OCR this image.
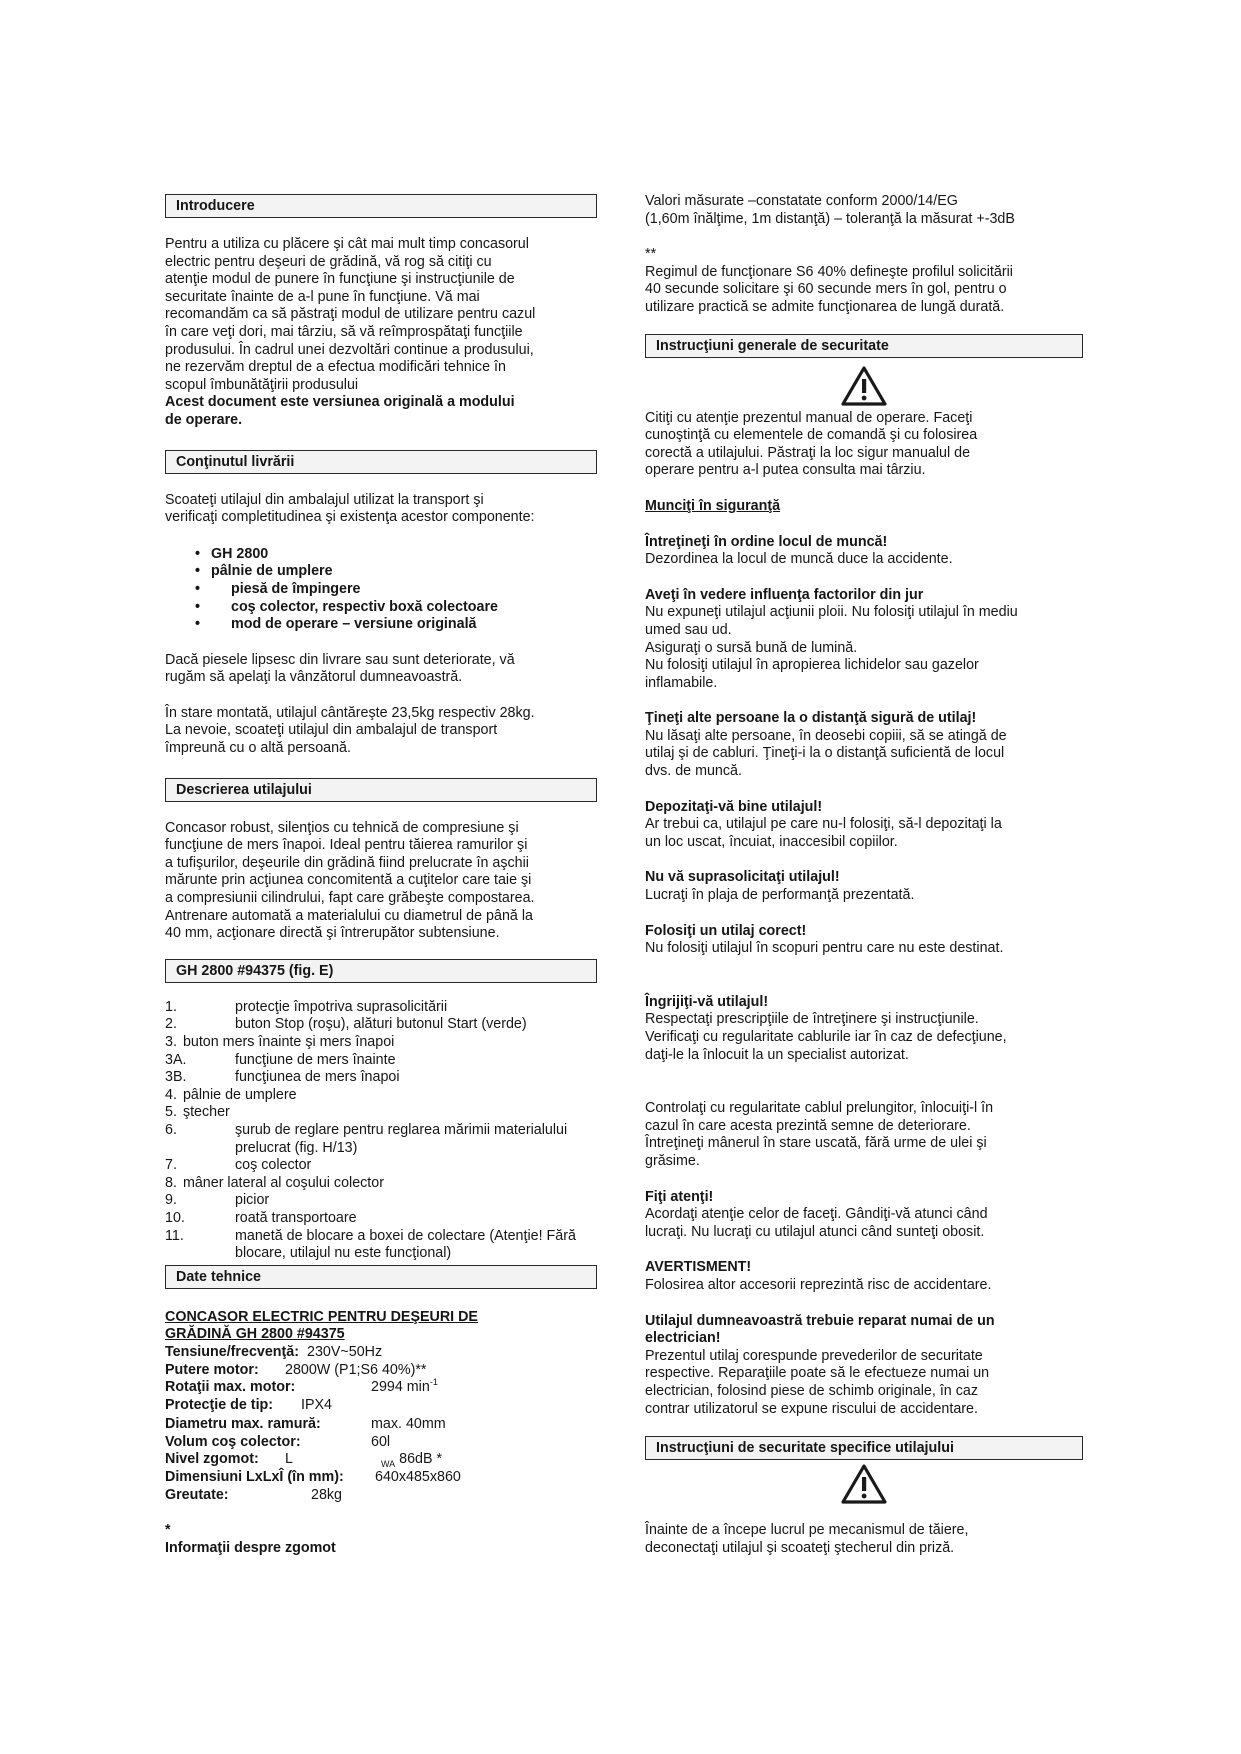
Introducere

Pentru a utiliza cu plăcere şi cât mai mult timp concasorul

electric pentru deşeuri de grădină, vă rog să citiţi cu

atenţie modul de punere în funcţiune şi instrucţiunile de

securitate înainte de a-l pune în funcţiune. Vă mai

recomandăm ca să păstraţi modul de utilizare pentru cazul

în care veţi dori, mai târziu, să vă reîmprospătaţi funcţiile

produsului. În cadrul unei dezvoltări continue a produsului,

ne rezervăm dreptul de a efectua modificări tehnice în

scopul îmbunătăţirii produsului

Acest document este versiunea originală a modului

de operare.

Conţinutul livrării

Scoateţi utilajul din ambalajul utilizat la transport şi

verificaţi completitudinea şi existenţa acestor componente:

• GH 2800
• pâlnie de umplere
• piesă de împingere
• coş colector, respectiv boxă colectoare
• mod de operare – versiune originală

Dacă piesele lipsesc din livrare sau sunt deteriorate, vă

rugăm să apelaţi la vânzătorul dumneavoastră.

În stare montată, utilajul cântăreşte 23,5kg respectiv 28kg.

La nevoie, scoateţi utilajul din ambalajul de transport

împreună cu o altă persoană.

Descrierea utilajului

Concasor robust, silenţios cu tehnică de compresiune şi

funcţiune de mers înapoi. Ideal pentru tăierea ramurilor şi

a tufişurilor, deşeurile din grădină fiind prelucrate în aşchii

mărunte prin acţiunea concomitentă a cuţitelor care taie şi

a compresiunii cilindrului, fapt care grăbeşte compostarea.

Antrenare automată a materialului cu diametrul de până la

40 mm, acţionare directă şi întrerupător subtensiune.

GH 2800 #94375 (fig. E)
1.	protecţie împotriva suprasolicitării
2.	buton Stop (roşu), alături butonul Start (verde)
3. buton mers înainte şi mers înapoi
3A.	funcţiune de mers înainte
3B.	funcţiunea de mers înapoi
4. pâlnie de umplere
5. ştecher
6.	şurub de reglare pentru reglarea mărimii materialului prelucrat (fig. H/13)
7.	coş colector
8. mâner lateral al coşului colector
9.	picior
10.	roată transportoare
11.	manetă de blocare a boxei de colectare (Atenţie! Fără blocare, utilajul nu este funcţional)
Date tehnice

CONCASOR ELECTRIC PENTRU DEŞEURI DE

GRĂDINĂ GH 2800 #94375

Tensiune/frecvenţă: 230V~50Hz
Putere motor:	2800W (P1;S6 40%)**
Rotaţii max. motor:	2994 $\min^{-1}$
Protecţie de tip:	IPX4
Diametru max. ramură:	max. 40mm
Volum coş colector:	60l
Nivel zgomot:	L	$_{WA}$ 86dB *
Dimensiuni LxLxÎ (în mm):	640x485x860
Greutate:	28kg

*

Informaţii despre zgomot

Valori măsurate –constatate conform 2000/14/EG

(1,60m înălţime, 1m distanţă) – toleranţă la măsurat +-3dB

**

Regimul de funcţionare S6 40% defineşte profilul solicitării

40 secunde solicitare şi 60 secunde mers în gol, pentru o

utilizare practică se admite funcţionarea de lungă durată.

Instrucţiuni generale de securitate

Citiţi cu atenţie prezentul manual de operare. Faceţi

cunoştinţă cu elementele de comandă şi cu folosirea

corectă a utilajului. Păstraţi la loc sigur manualul de

operare pentru a-l putea consulta mai târziu.

Munciţi în siguranţă

Întreţineţi în ordine locul de muncă!

Dezordinea la locul de muncă duce la accidente.

Aveţi în vedere influenţa factorilor din jur

Nu expuneţi utilajul acţiunii ploii. Nu folosiţi utilajul în mediu

umed sau ud.

Asiguraţi o sursă bună de lumină.

Nu folosiţi utilajul în apropierea lichidelor sau gazelor

inflamabile.

Ţineţi alte persoane la o distanţă sigură de utilaj!

Nu lăsaţi alte persoane, în deosebi copiii, să se atingă de

utilaj şi de cabluri. Ţineţi-i la o distanţă suficientă de locul

dvs. de muncă.

Depozitaţi-vă bine utilajul!

Ar trebui ca, utilajul pe care nu-l folosiţi, să-l depozitaţi la

un loc uscat, încuiat, inaccesibil copiilor.

Nu vă suprasolicitaţi utilajul!

Lucraţi în plaja de performanţă prezentată.

Folosiţi un utilaj corect!

Nu folosiţi utilajul în scopuri pentru care nu este destinat.

Îngrijiţi-vă utilajul!

Respectaţi prescripţiile de întreţinere şi instrucţiunile.

Verificaţi cu regularitate cablurile iar în caz de defecţiune,

daţi-le la înlocuit la un specialist autorizat.

Controlaţi cu regularitate cablul prelungitor, înlocuiţi-l în

cazul în care acesta prezintă semne de deteriorare.

Întreţineţi mânerul în stare uscată, fără urme de ulei şi

grăsime.

Fiţi atenţi!

Acordaţi atenţie celor de faceţi. Gândiţi-vă atunci când

lucraţi. Nu lucraţi cu utilajul atunci când sunteţi obosit.

AVERTISMENT!

Folosirea altor accesorii reprezintă risc de accidentare.

Utilajul dumneavoastră trebuie reparat numai de un

electrician!

Prezentul utilaj corespunde prevederilor de securitate

respective. Reparaţiile poate să le efectueze numai un

electrician, folosind piese de schimb originale, în caz

contrar utilizatorul se expune riscului de accidentare.

Instrucţiuni de securitate specifice utilajului

Înainte de a începe lucrul pe mecanismul de tăiere,

deconectaţi utilajul şi scoateţi ştecherul din priză.
